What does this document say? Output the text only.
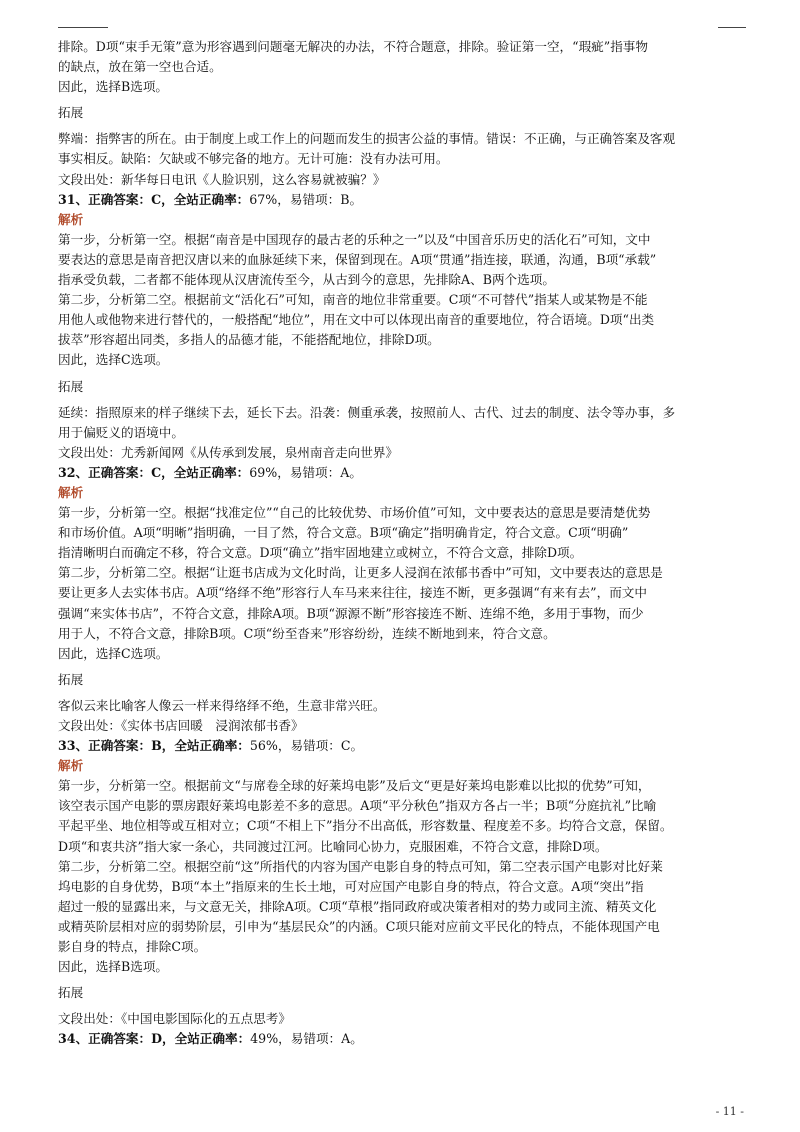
排除。D项“束手无策”意为形容遇到问题毫无解决的办法，不符合题意，排除。验证第一空，“瑕疵”指事物

的缺点，放在第一空也合适。

因此，选择B选项。

拓展

弊端：指弊害的所在。由于制度上或工作上的问题而发生的损害公益的事情。错误：不正确，与正确答案及客观

事实相反。缺陷：欠缺或不够完备的地方。无计可施：没有办法可用。

文段出处：新华每日电讯《人脸识别，这么容易就被骗？》

31、正确答案：C，全站正确率：67%，易错项：B。

解析

第一步，分析第一空。根据“南音是中国现存的最古老的乐种之一”以及“中国音乐历史的活化石”可知，文中

要表达的意思是南音把汉唐以来的血脉延续下来，保留到现在。A项“贯通”指连接，联通，沟通，B项“承载”

指承受负载，二者都不能体现从汉唐流传至今，从古到今的意思，先排除A、B两个选项。

第二步，分析第二空。根据前文“活化石”可知，南音的地位非常重要。C项“不可替代”指某人或某物是不能

用他人或他物来进行替代的，一般搭配“地位”，用在文中可以体现出南音的重要地位，符合语境。D项“出类

拔萃”形容超出同类，多指人的品德才能，不能搭配地位，排除D项。

因此，选择C选项。

拓展

延续：指照原来的样子继续下去，延长下去。沿袭：侧重承袭，按照前人、古代、过去的制度、法令等办事，多

用于偏贬义的语境中。

文段出处：尤秀新闻网《从传承到发展，泉州南音走向世界》

32、正确答案：C，全站正确率：69%，易错项：A。

解析

第一步，分析第一空。根据“找准定位”“自己的比较优势、市场价值”可知，文中要表达的意思是要清楚优势

和市场价值。A项“明晰”指明确，一目了然，符合文意。B项“确定”指明确肯定，符合文意。C项“明确”

指清晰明白而确定不移，符合文意。D项“确立”指牢固地建立或树立，不符合文意，排除D项。

第二步，分析第二空。根据“让逛书店成为文化时尚，让更多人浸润在浓郁书香中”可知，文中要表达的意思是

要让更多人去实体书店。A项“络绎不绝”形容行人车马来来往往，接连不断，更多强调“有来有去”，而文中

强调“来实体书店”，不符合文意，排除A项。B项“源源不断”形容接连不断、连绵不绝，多用于事物，而少

用于人，不符合文意，排除B项。C项“纷至沓来”形容纷纷，连续不断地到来，符合文意。

因此，选择C选项。

拓展

客似云来比喻客人像云一样来得络绎不绝，生意非常兴旺。

文段出处：《实体书店回暖　浸润浓郁书香》

33、正确答案：B，全站正确率：56%，易错项：C。

解析

第一步，分析第一空。根据前文“与席卷全球的好莱坞电影”及后文“更是好莱坞电影难以比拟的优势”可知，

该空表示国产电影的票房跟好莱坞电影差不多的意思。A项“平分秋色”指双方各占一半；B项“分庭抗礼”比喻

平起平坐、地位相等或互相对立；C项“不相上下”指分不出高低，形容数量、程度差不多。均符合文意，保留。

D项“和衷共济”指大家一条心，共同渡过江河。比喻同心协力，克服困难，不符合文意，排除D项。

第二步，分析第二空。根据空前“这”所指代的内容为国产电影自身的特点可知，第二空表示国产电影对比好莱

坞电影的自身优势，B项“本土”指原来的生长土地，可对应国产电影自身的特点，符合文意。A项“突出”指

超过一般的显露出来，与文意无关，排除A项。C项“草根”指同政府或决策者相对的势力或同主流、精英文化

或精英阶层相对应的弱势阶层，引申为“基层民众”的内涵。C项只能对应前文平民化的特点，不能体现国产电

影自身的特点，排除C项。

因此，选择B选项。

拓展

文段出处：《中国电影国际化的五点思考》

34、正确答案：D，全站正确率：49%，易错项：A。

- 11 -
